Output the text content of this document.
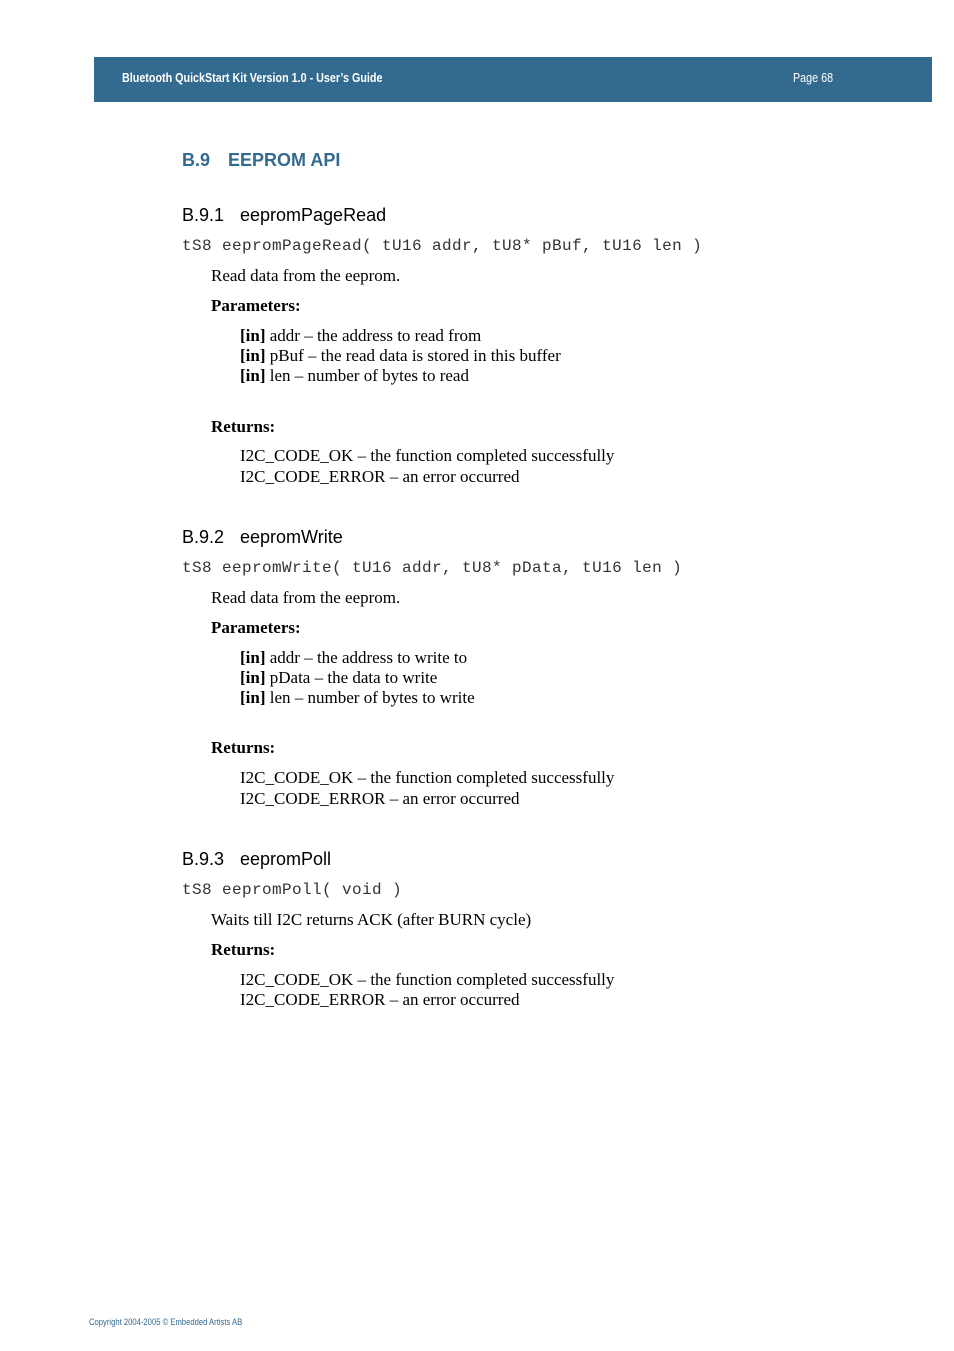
Bluetooth QuickStart Kit Version 1.0 - User’s Guide	Page 68
B.9 EEPROM API
B.9.1 eepromPageRead
tS8 eepromPageRead( tU16 addr, tU8* pBuf, tU16 len )
Read data from the eeprom.
Parameters:
[in] addr – the address to read from
[in] pBuf – the read data is stored in this buffer
[in] len – number of bytes to read
Returns:
I2C_CODE_OK – the function completed successfully
I2C_CODE_ERROR – an error occurred
B.9.2 eepromWrite
tS8 eepromWrite( tU16 addr, tU8* pData, tU16 len )
Read data from the eeprom.
Parameters:
[in] addr – the address to write to
[in] pData – the data to write
[in] len – number of bytes to write
Returns:
I2C_CODE_OK – the function completed successfully
I2C_CODE_ERROR – an error occurred
B.9.3 eepromPoll
tS8 eepromPoll( void )
Waits till I2C returns ACK (after BURN cycle)
Returns:
I2C_CODE_OK – the function completed successfully
I2C_CODE_ERROR – an error occurred
Copyright 2004-2005 © Embedded Artists AB
